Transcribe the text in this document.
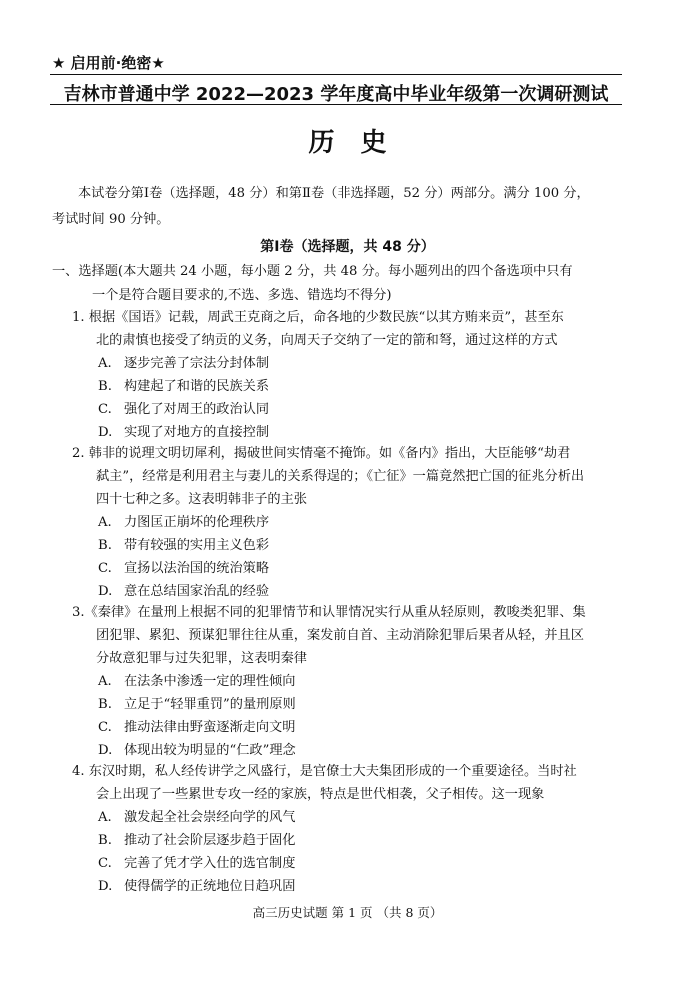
★ 启用前·绝密★
吉林市普通中学 2022—2023 学年度高中毕业年级第一次调研测试
历史
本试卷分第Ⅰ卷（选择题，48 分）和第Ⅱ卷（非选择题，52 分）两部分。满分 100 分，
考试时间 90 分钟。
第Ⅰ卷（选择题，共 48 分）
一、选择题(本大题共 24 小题，每小题 2 分，共 48 分。每小题列出的四个备选项中只有
一个是符合题目要求的,不选、多选、错选均不得分)
1. 根据《国语》记载，周武王克商之后，命各地的少数民族“以其方贿来贡”，甚至东
北的肃慎也接受了纳贡的义务，向周天子交纳了一定的箭和弩，通过这样的方式
A. 逐步完善了宗法分封体制
B. 构建起了和谐的民族关系
C. 强化了对周王的政治认同
D. 实现了对地方的直接控制
2. 韩非的说理文明切犀利，揭破世间实情毫不掩饰。如《备内》指出，大臣能够“劫君
弑主”，经常是利用君主与妻儿的关系得逞的；《亡征》一篇竟然把亡国的征兆分析出
四十七种之多。这表明韩非子的主张
A. 力图匡正崩坏的伦理秩序
B. 带有较强的实用主义色彩
C. 宣扬以法治国的统治策略
D. 意在总结国家治乱的经验
3.《秦律》在量刑上根据不同的犯罪情节和认罪情况实行从重从轻原则，教唆类犯罪、集
团犯罪、累犯、预谋犯罪往往从重，案发前自首、主动消除犯罪后果者从轻，并且区
分故意犯罪与过失犯罪，这表明秦律
A. 在法条中渗透一定的理性倾向
B. 立足于“轻罪重罚”的量刑原则
C. 推动法律由野蛮逐渐走向文明
D. 体现出较为明显的“仁政”理念
4. 东汉时期，私人经传讲学之风盛行，是官僚士大夫集团形成的一个重要途径。当时社
会上出现了一些累世专攻一经的家族，特点是世代相袭，父子相传。这一现象
A. 激发起全社会崇经向学的风气
B. 推动了社会阶层逐步趋于固化
C. 完善了凭才学入仕的选官制度
D. 使得儒学的正统地位日趋巩固
高三历史试题 第 1 页 （共 8 页）
